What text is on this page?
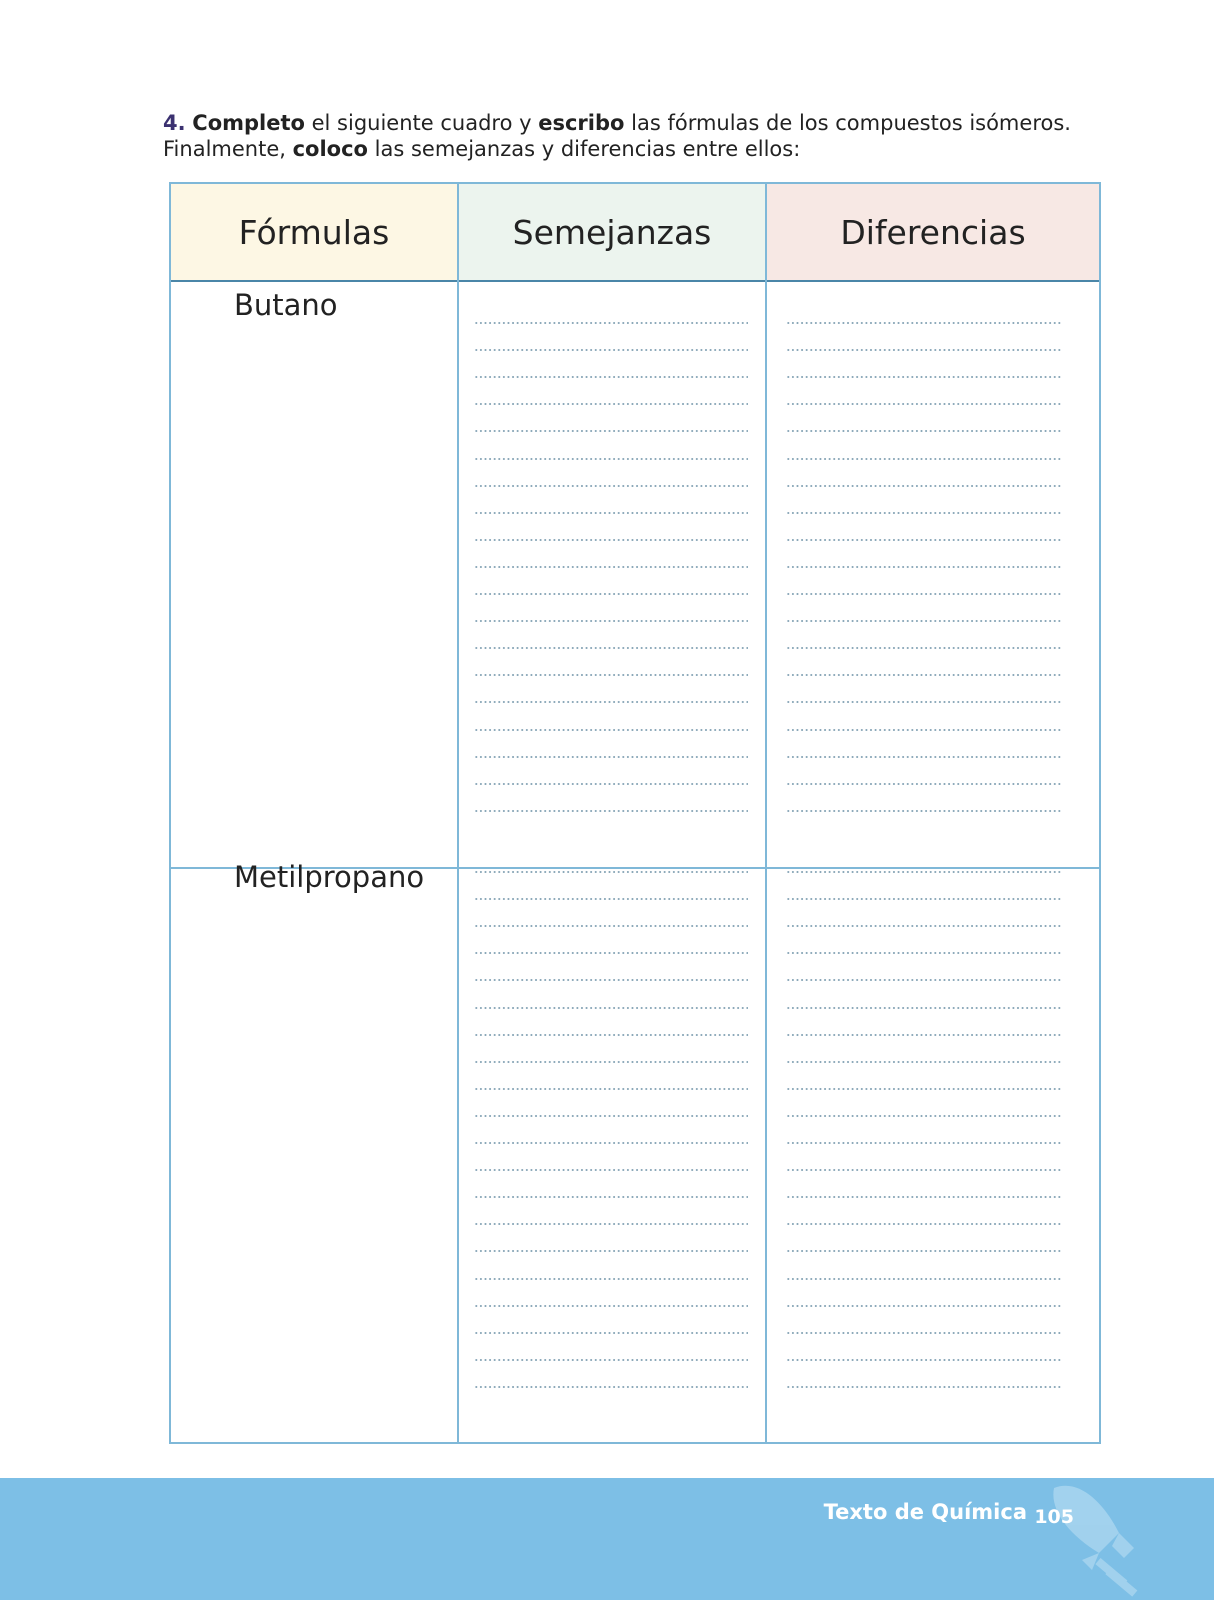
4. Completo el siguiente cuadro y escribo las fórmulas de los compuestos isómeros. Finalmente, coloco las semejanzas y diferencias entre ellos:
Fórmulas	Semejanzas	Diferencias
Butano
Metilpropano
Texto de Química 105
